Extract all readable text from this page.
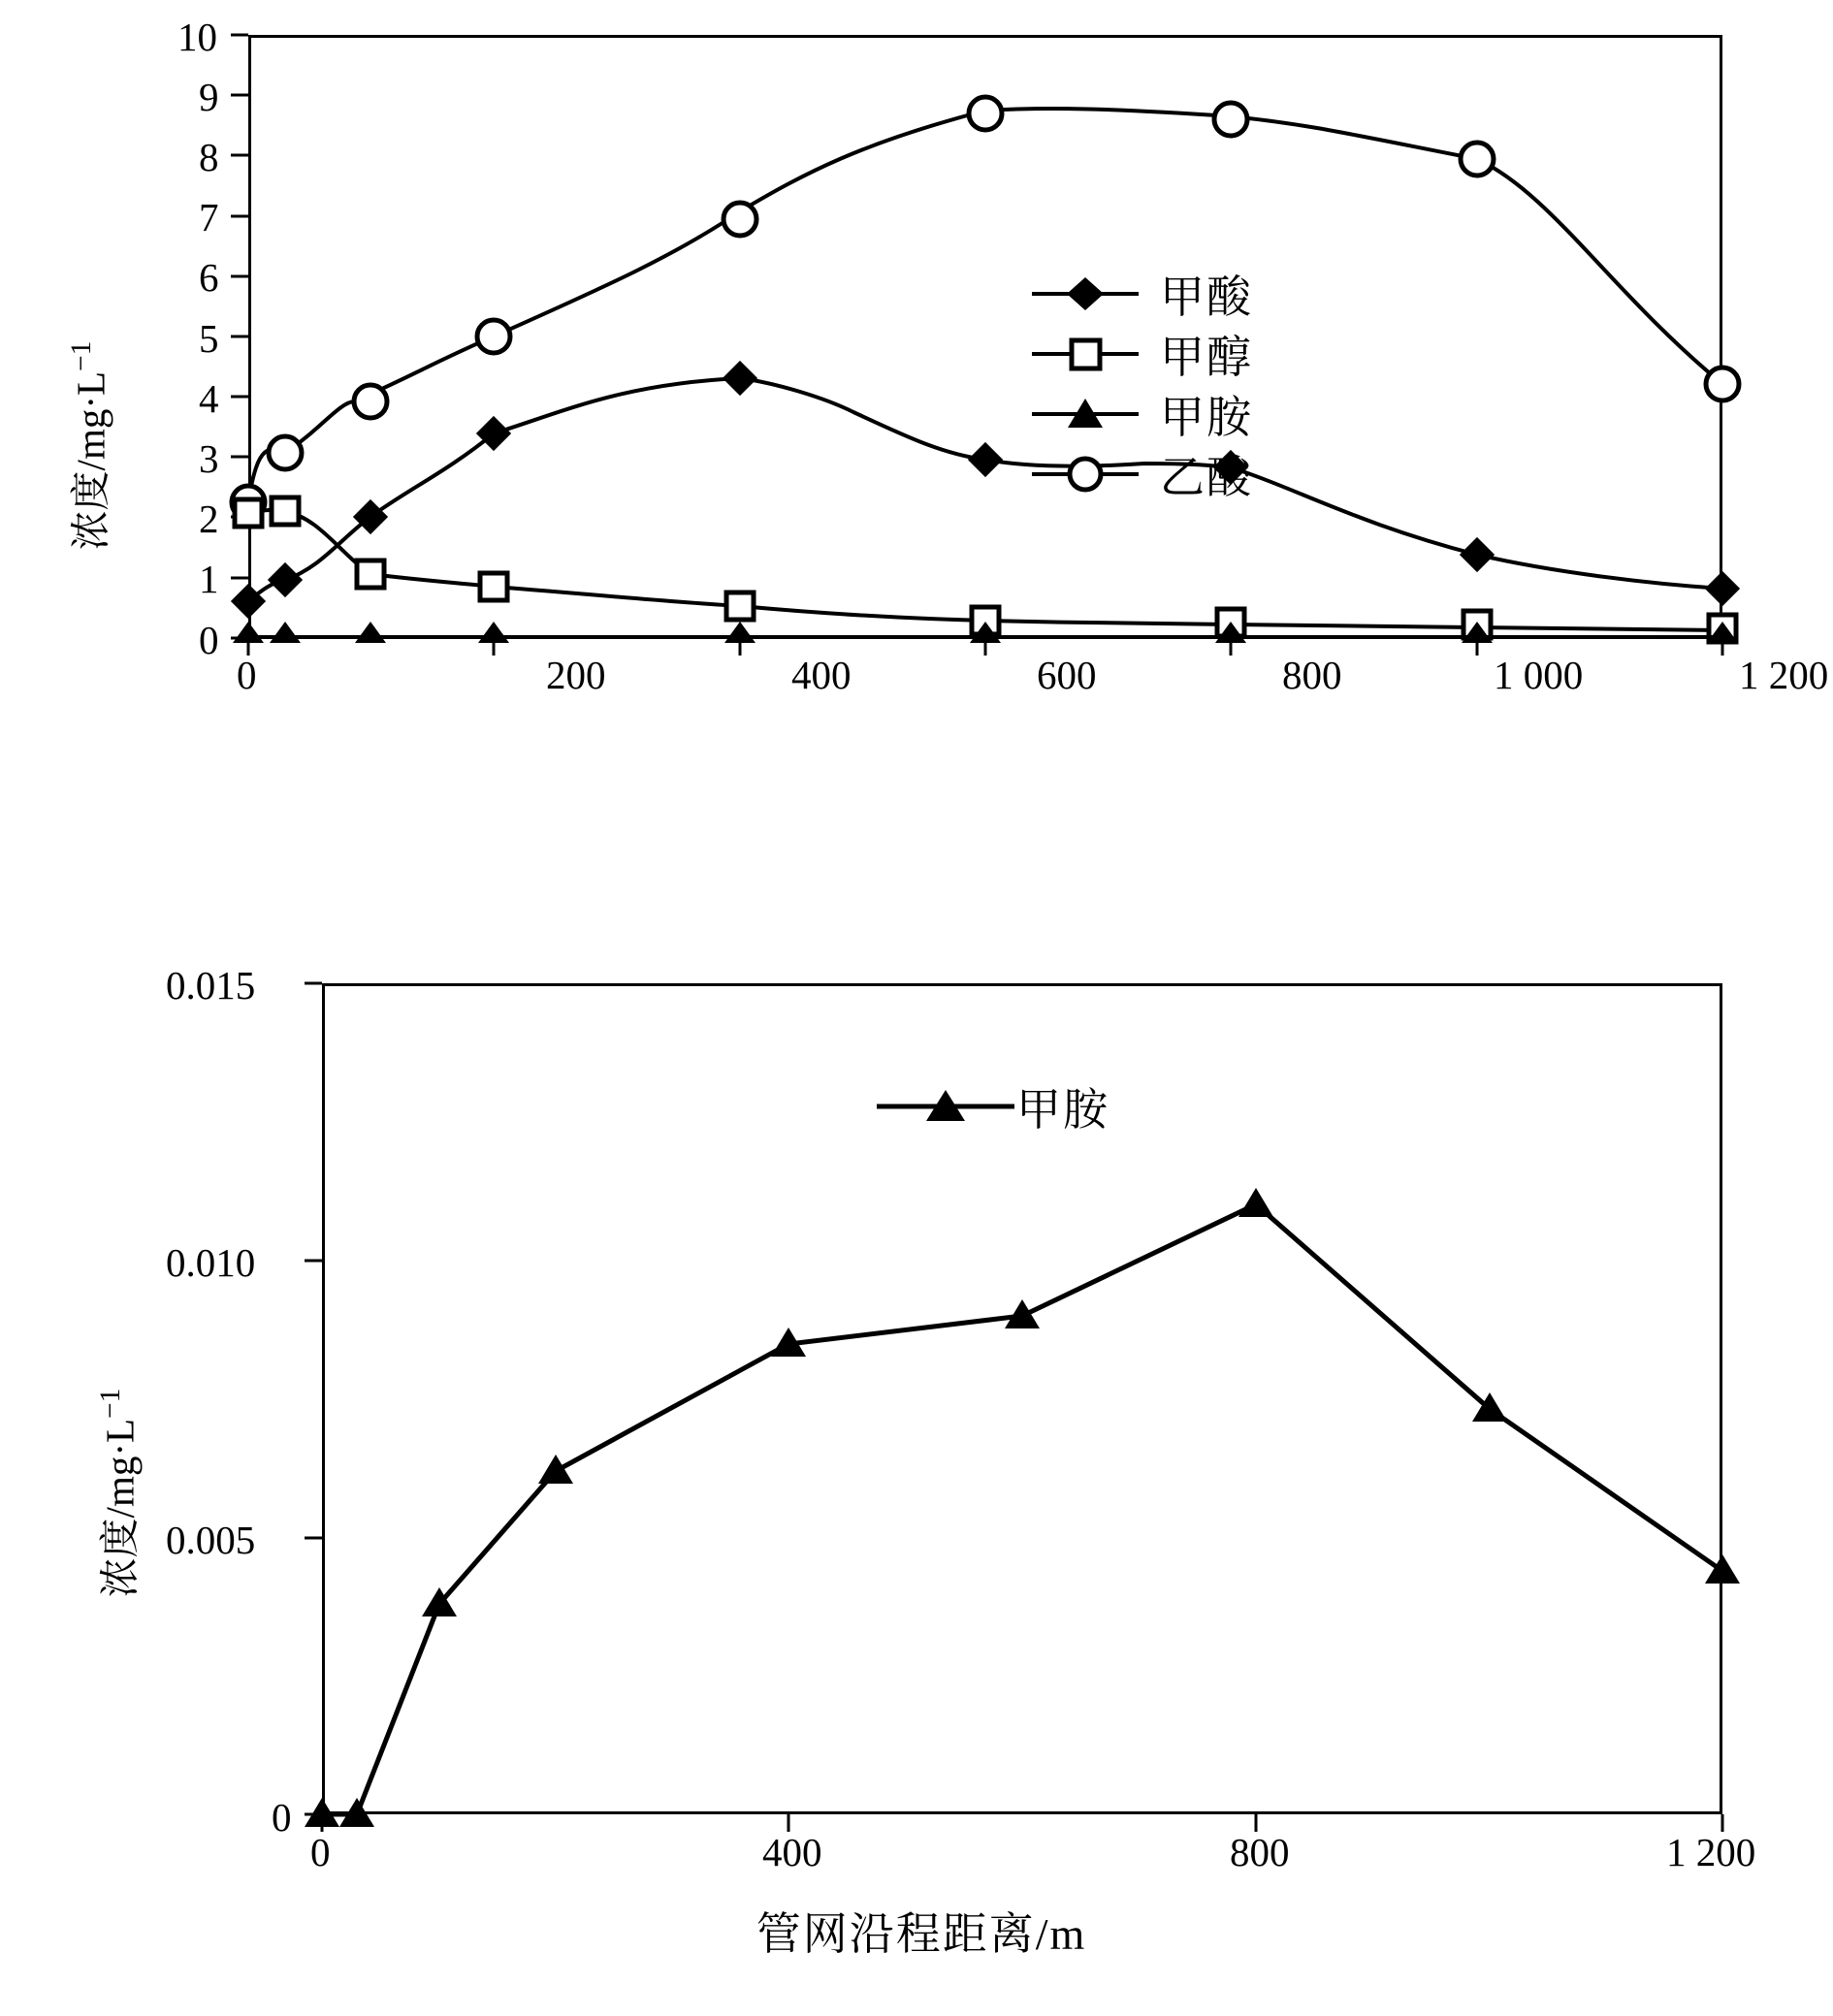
浓度$/mg\cdot L^{-1}$
10
9
8
7
6
5
4
3
2
1
0
0	200	400	600	800	1 000	1 200
甲酸
甲醇
甲胺
乙酸
浓度$/mg\cdot L^{-1}$
0.015
0.010
0.005
0
0	400	800	1 200
管网沿程距离/m
甲胺
